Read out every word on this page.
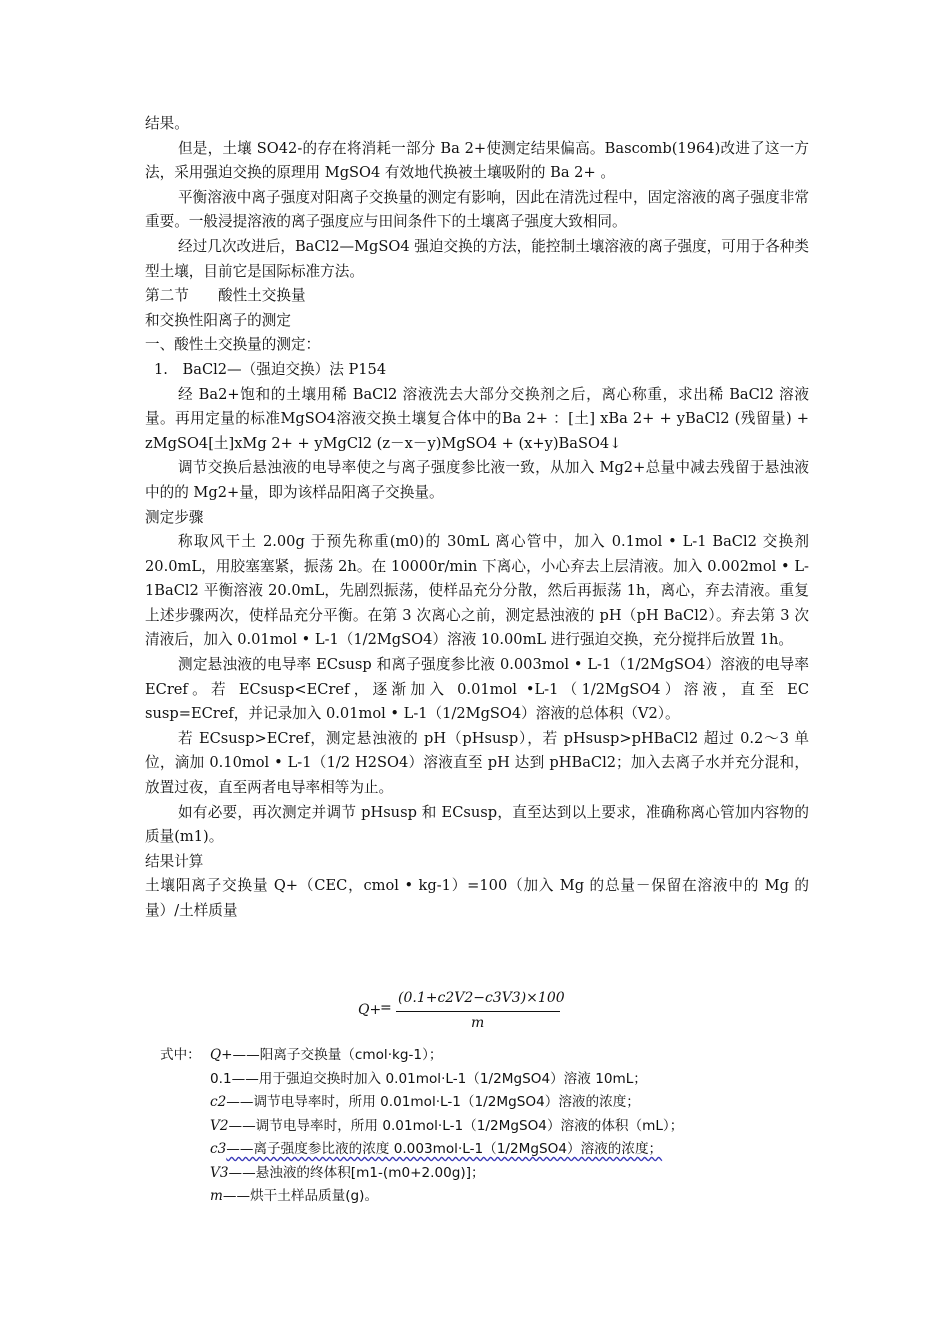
结果。

但是，土壤 SO42-的存在将消耗一部分 Ba 2+使测定结果偏高。Bascomb(1964)改进了这一方法，采用强迫交换的原理用 MgSO4 有效地代换被土壤吸附的 Ba 2+ 。

平衡溶液中离子强度对阳离子交换量的测定有影响，因此在清洗过程中，固定溶液的离子强度非常重要。一般浸提溶液的离子强度应与田间条件下的土壤离子强度大致相同。

经过几次改进后，BaCl2—MgSO4 强迫交换的方法，能控制土壤溶液的离子强度，可用于各种类型土壤，目前它是国际标准方法。

第二节　　酸性土交换量

和交换性阳离子的测定

一、酸性土交换量的测定：

1.　BaCl2—（强迫交换）法 P154

经 Ba2+饱和的土壤用稀 BaCl2 溶液洗去大部分交换剂之后，离心称重，求出稀 BaCl2 溶液量。再用定量的标准MgSO4溶液交换土壤复合体中的Ba 2+ ：[土] xBa 2+ + yBaCl2 (残留量) + zMgSO4[土]xMg 2+ + yMgCl2 (z－x－y)MgSO4 + (x+y)BaSO4↓

调节交换后悬浊液的电导率使之与离子强度参比液一致，从加入 Mg2+总量中减去残留于悬浊液中的的 Mg2+量，即为该样品阳离子交换量。

测定步骤

称取风干土 2.00g 于预先称重(m0)的 30mL 离心管中，加入 0.1mol • L-1 BaCl2 交换剂 20.0mL，用胶塞塞紧，振荡 2h。在 10000r/min 下离心，小心弃去上层清液。加入 0.002mol • L-1BaCl2 平衡溶液 20.0mL，先剧烈振荡，使样品充分分散，然后再振荡 1h，离心，弃去清液。重复上述步骤两次，使样品充分平衡。在第 3 次离心之前，测定悬浊液的 pH（pH BaCl2）。弃去第 3 次清液后，加入 0.01mol • L-1（1/2MgSO4）溶液 10.00mL 进行强迫交换，充分搅拌后放置 1h。

测定悬浊液的电导率 ECsusp 和离子强度参比液 0.003mol • L-1（1/2MgSO4）溶液的电导率 ECref。若 ECsusp<ECref，逐渐加入 0.01mol •L-1（1/2MgSO4）溶液，直至 EC susp=ECref，并记录加入 0.01mol • L-1（1/2MgSO4）溶液的总体积（V2）。

若 ECsusp>ECref，测定悬浊液的 pH（pHsusp），若 pHsusp>pHBaCl2 超过 0.2～3 单位，滴加 0.10mol • L-1（1/2 H2SO4）溶液直至 pH 达到 pHBaCl2；加入去离子水并充分混和，放置过夜，直至两者电导率相等为止。

如有必要，再次测定并调节 pHsusp 和 ECsusp，直至达到以上要求，准确称离心管加内容物的质量(m1)。

结果计算

土壤阳离子交换量 Q+（CEC，cmol • kg-1）=100（加入 Mg 的总量－保留在溶液中的 Mg 的量）/土样质量

Q+
=
(0.1+c2V2−c3V3)×100
m
式中： Q+——阳离子交换量（cmol·kg-1）；
0.1——用于强迫交换时加入 0.01mol·L-1（1/2MgSO4）溶液 10mL；
c2——调节电导率时，所用 0.01mol·L-1（1/2MgSO4）溶液的浓度；
V2——调节电导率时，所用 0.01mol·L-1（1/2MgSO4）溶液的体积（mL）；
c3——离子强度参比液的浓度 0.003mol·L-1（1/2MgSO4）溶液的浓度；
V3——悬浊液的终体积[m1-(m0+2.00g)]；
m——烘干土样品质量(g)。
